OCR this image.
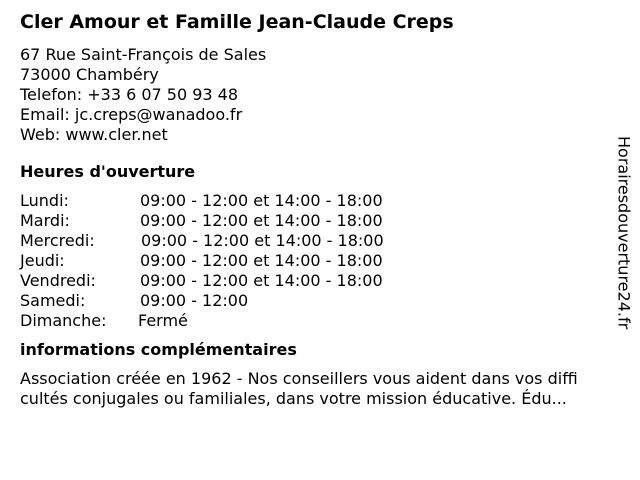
Cler Amour et Famille Jean-Claude Creps
67 Rue Saint-François de Sales
73000 Chambéry
Telefon: +33 6 07 50 93 48
Email: jc.creps@wanadoo.fr
Web: www.cler.net
Heures d'ouverture
Lundi:	09:00 - 12:00 et 14:00 - 18:00
Mardi:	09:00 - 12:00 et 14:00 - 18:00
Mercredi:	09:00 - 12:00 et 14:00 - 18:00
Jeudi:	09:00 - 12:00 et 14:00 - 18:00
Vendredi:	09:00 - 12:00 et 14:00 - 18:00
Samedi:	09:00 - 12:00
Dimanche: Fermé
informations complémentaires
Association créée en 1962 - Nos conseillers vous aident dans vos diffi
cultés conjugales ou familiales, dans votre mission éducative. Édu...
Horairesdouverture24.fr
